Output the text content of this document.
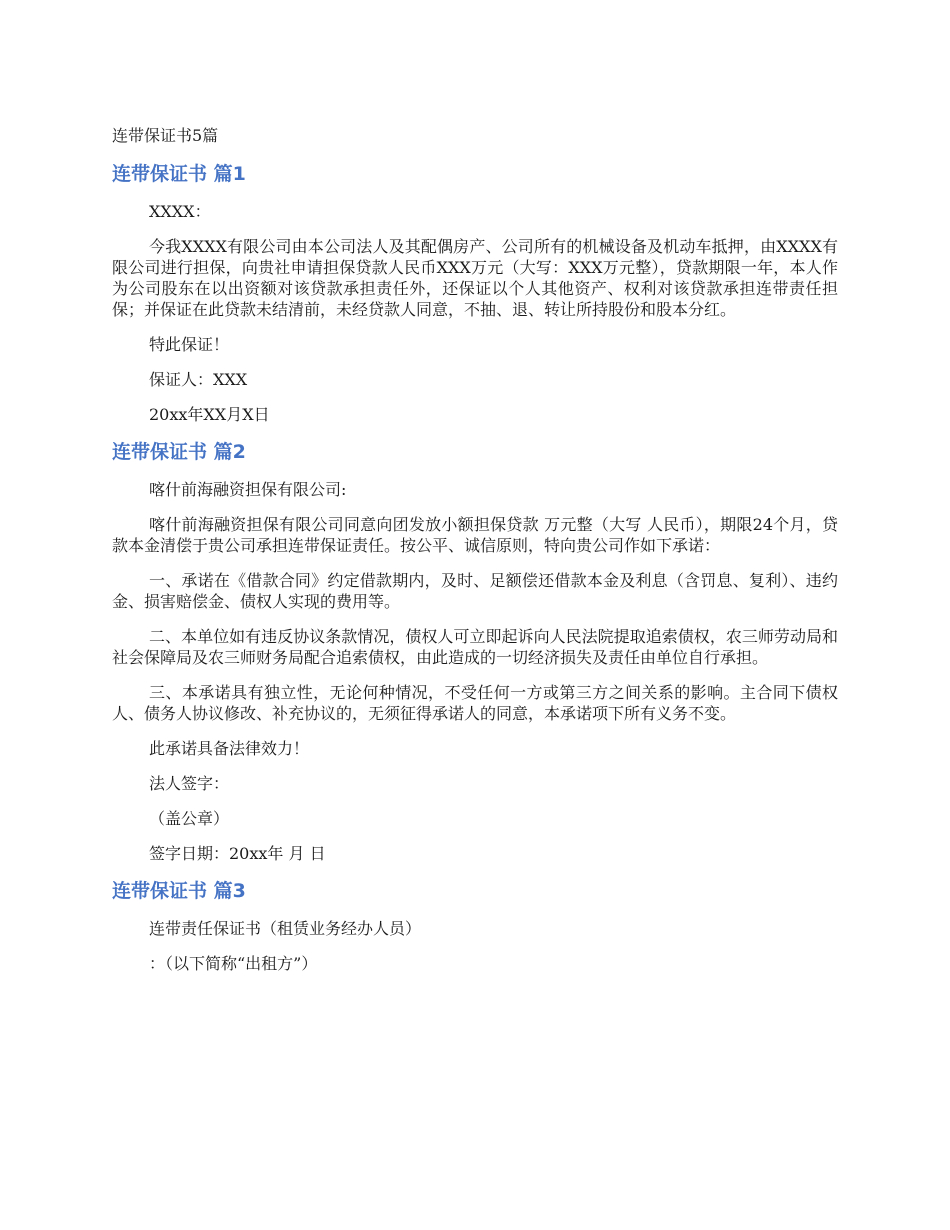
连带保证书5篇
连带保证书 篇1

XXXX：

今我XXXX有限公司由本公司法人及其配偶房产、公司所有的机械设备及机动车抵押，由XXXX有限公司进行担保，向贵社申请担保贷款人民币XXX万元（大写：XXX万元整），贷款期限一年，本人作为公司股东在以出资额对该贷款承担责任外，还保证以个人其他资产、权利对该贷款承担连带责任担保；并保证在此贷款未结清前，未经贷款人同意，不抽、退、转让所持股份和股本分红。

特此保证！

保证人：XXX

20xx年XX月X日

连带保证书 篇2

喀什前海融资担保有限公司:

喀什前海融资担保有限公司同意向团发放小额担保贷款 万元整（大写 人民币），期限24个月，贷款本金清偿于贵公司承担连带保证责任。按公平、诚信原则，特向贵公司作如下承诺：

一、承诺在《借款合同》约定借款期内，及时、足额偿还借款本金及利息（含罚息、复利）、违约金、损害赔偿金、债权人实现的费用等。

二、本单位如有违反协议条款情况，债权人可立即起诉向人民法院提取追索债权，农三师劳动局和社会保障局及农三师财务局配合追索债权，由此造成的一切经济损失及责任由单位自行承担。

三、本承诺具有独立性，无论何种情况，不受任何一方或第三方之间关系的影响。主合同下债权人、债务人协议修改、补充协议的，无须征得承诺人的同意，本承诺项下所有义务不变。

此承诺具备法律效力！

法人签字：

（盖公章）

签字日期：20xx年 月 日

连带保证书 篇3

连带责任保证书（租赁业务经办人员）

：（以下简称“出租方”）
